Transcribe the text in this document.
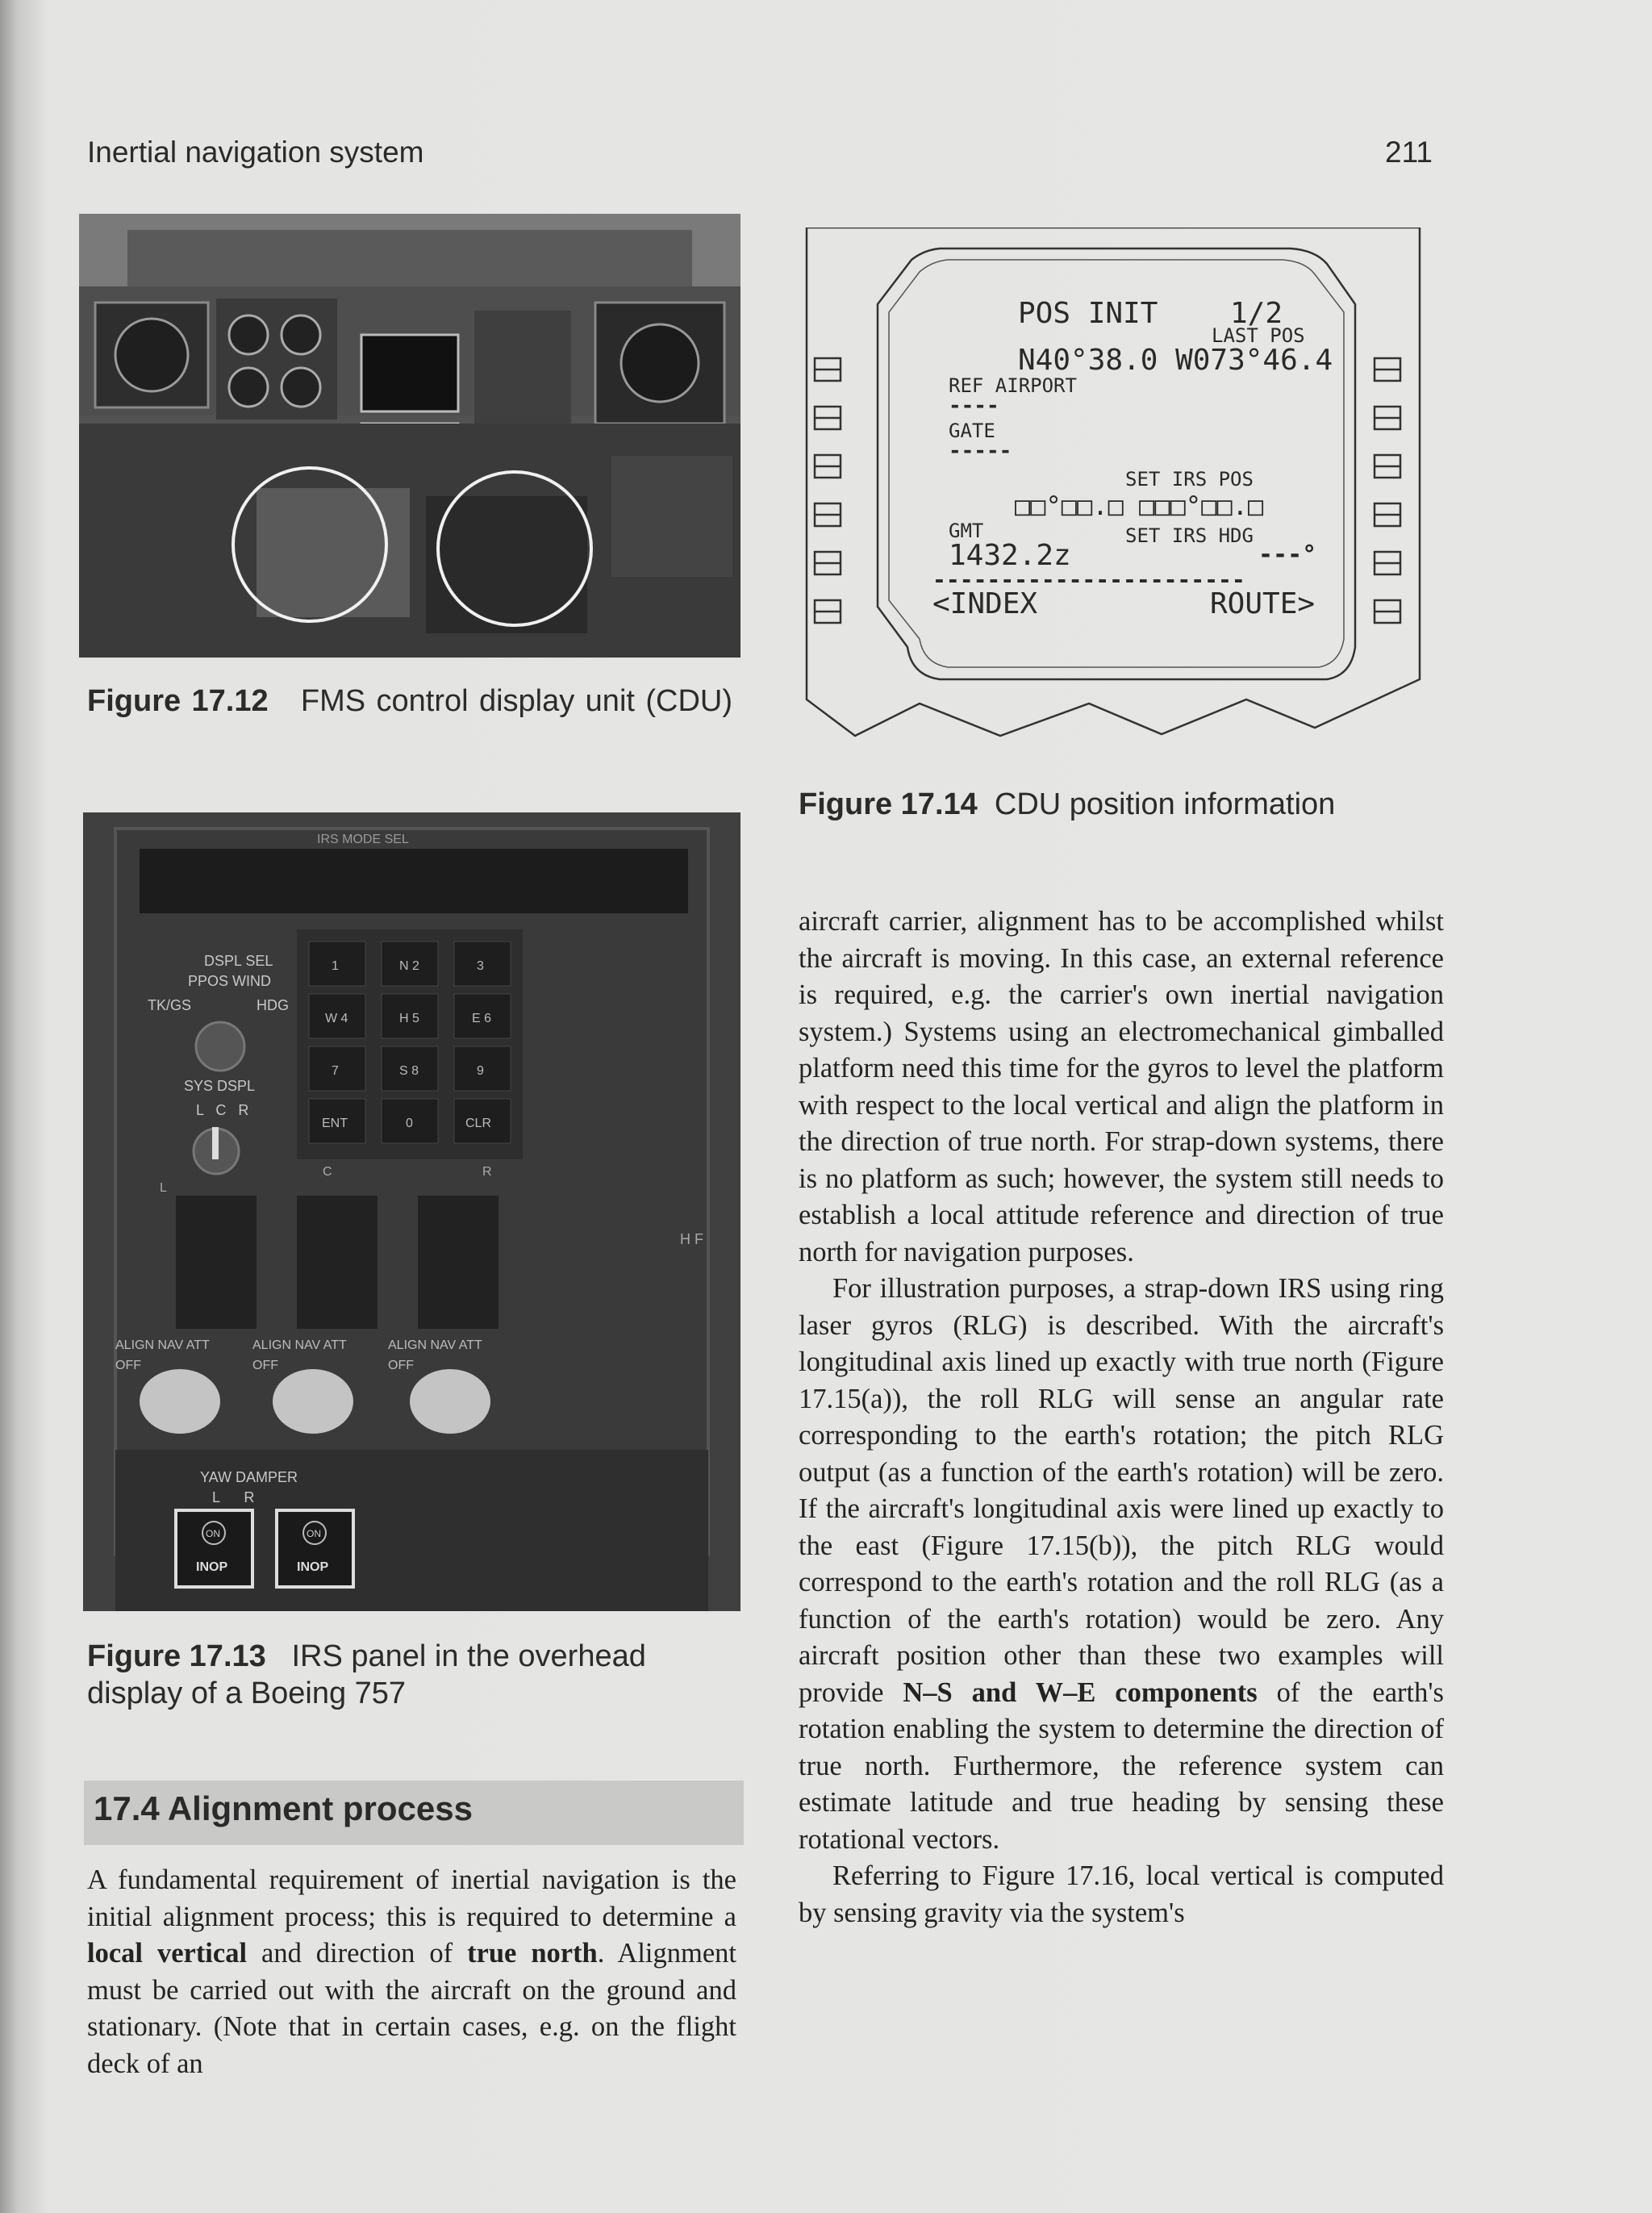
Inertial navigation system	211

Figure 17.12 FMS control display unit (CDU)

IRS MODE SEL
DSPL SEL
PPOS WIND
TK/GS	HDG
SYS DSPL
L   C   R
1	N 2	3
W 4	H 5	E 6
7	S 8	9
ENT	0	CLR
L
C	R
H F
ALIGN NAV ATT	ALIGN NAV ATT	ALIGN NAV ATT
OFF	OFF	OFF
YAW DAMPER
L      R
ON	ON
INOP	INOP

Figure 17.13 IRS panel in the overhead display of a Boeing 757

POS INIT 1/2

LAST POS

N40°38.0 W073°46.4

REF AIRPORT

----

GATE

-----

SET IRS POS

□□°□□.□ □□□°□□.□

GMT	SET IRS HDG

1432.2z	---°

-----------------------

<INDEX	ROUTE>

Figure 17.14 CDU position information

17.4 Alignment process

A fundamental requirement of inertial navigation is the initial alignment process; this is required to determine a local vertical and direction of true north. Alignment must be carried out with the aircraft on the ground and stationary. (Note that in certain cases, e.g. on the flight deck of an

aircraft carrier, alignment has to be accomplished whilst the aircraft is moving. In this case, an external reference is required, e.g. the carrier's own inertial navigation system.) Systems using an electromechanical gimballed platform need this time for the gyros to level the platform with respect to the local vertical and align the platform in the direction of true north. For strap-down systems, there is no platform as such; however, the system still needs to establish a local attitude reference and direction of true north for navigation purposes.

For illustration purposes, a strap-down IRS using ring laser gyros (RLG) is described. With the aircraft's longitudinal axis lined up exactly with true north (Figure 17.15(a)), the roll RLG will sense an angular rate corresponding to the earth's rotation; the pitch RLG output (as a function of the earth's rotation) will be zero. If the aircraft's longitudinal axis were lined up exactly to the east (Figure 17.15(b)), the pitch RLG would correspond to the earth's rotation and the roll RLG (as a function of the earth's rotation) would be zero. Any aircraft position other than these two examples will provide N–S and W–E components of the earth's rotation enabling the system to determine the direction of true north. Furthermore, the reference system can estimate latitude and true heading by sensing these rotational vectors.

Referring to Figure 17.16, local vertical is computed by sensing gravity via the system's
